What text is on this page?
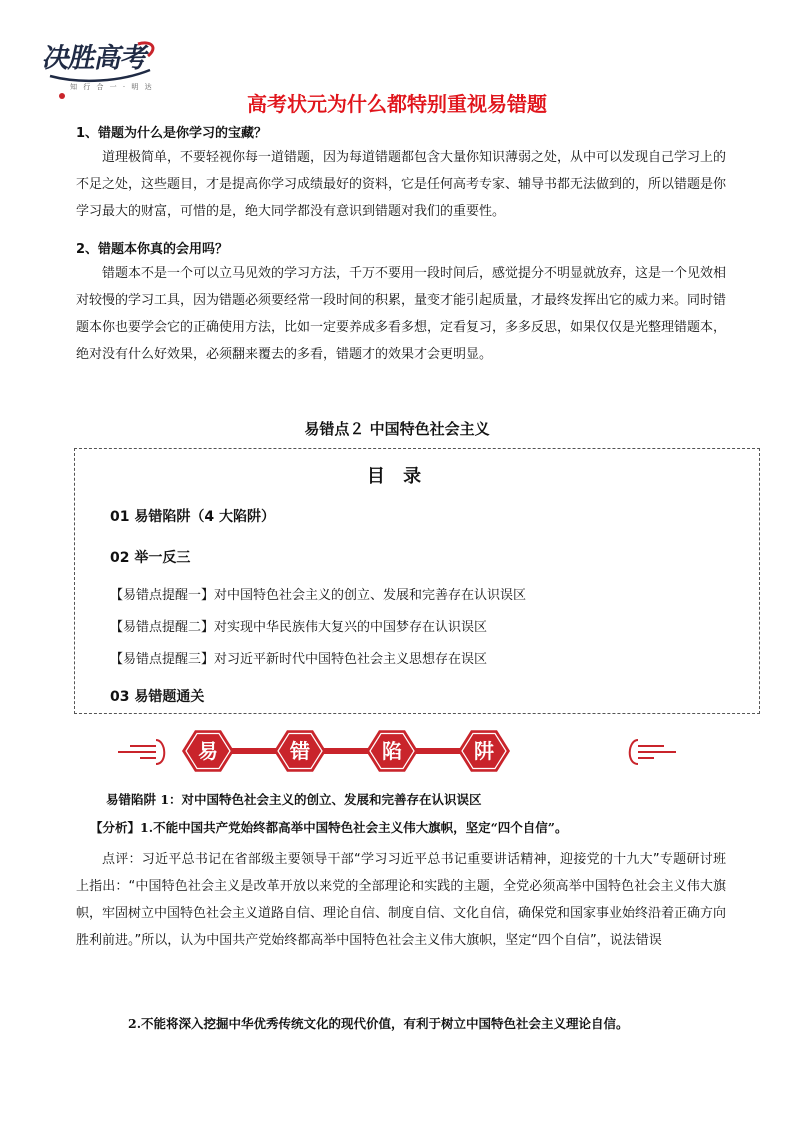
决胜高考
知 行 合 一 · 明 达
高考状元为什么都特别重视易错题
1、错题为什么是你学习的宝藏？
道理极简单，不要轻视你每一道错题，因为每道错题都包含大量你知识薄弱之处，从中可以发现自己学习上的不足之处，这些题目，才是提高你学习成绩最好的资料，它是任何高考专家、辅导书都无法做到的，所以错题是你学习最大的财富，可惜的是，绝大同学都没有意识到错题对我们的重要性。
2、错题本你真的会用吗？
错题本不是一个可以立马见效的学习方法，千万不要用一段时间后，感觉提分不明显就放弃，这是一个见效相对较慢的学习工具，因为错题必须要经常一段时间的积累，量变才能引起质量，才最终发挥出它的威力来。同时错题本你也要学会它的正确使用方法，比如一定要养成多看多想，定看复习，多多反思，如果仅仅是光整理错题本，绝对没有什么好效果，必须翻来覆去的多看，错题才的效果才会更明显。
易错点２ 中国特色社会主义
目 录
01 易错陷阱（4 大陷阱）
02 举一反三
【易错点提醒一】对中国特色社会主义的创立、发展和完善存在认识误区
【易错点提醒二】对实现中华民族伟大复兴的中国梦存在认识误区
【易错点提醒三】对习近平新时代中国特色社会主义思想存在误区
03 易错题通关
易	错	陷	阱
易错陷阱 1：对中国特色社会主义的创立、发展和完善存在认识误区
【分析】1.不能中国共产党始终都高举中国特色社会主义伟大旗帜，坚定“四个自信”。
点评：习近平总书记在省部级主要领导干部“学习习近平总书记重要讲话精神，迎接党的十九大”专题研讨班上指出：“中国特色社会主义是改革开放以来党的全部理论和实践的主题，全党必须高举中国特色社会主义伟大旗帜，牢固树立中国特色社会主义道路自信、理论自信、制度自信、文化自信，确保党和国家事业始终沿着正确方向胜利前进。”所以，认为中国共产党始终都高举中国特色社会主义伟大旗帜，坚定“四个自信”，说法错误
2.不能将深入挖掘中华优秀传统文化的现代价值，有利于树立中国特色社会主义理论自信。
